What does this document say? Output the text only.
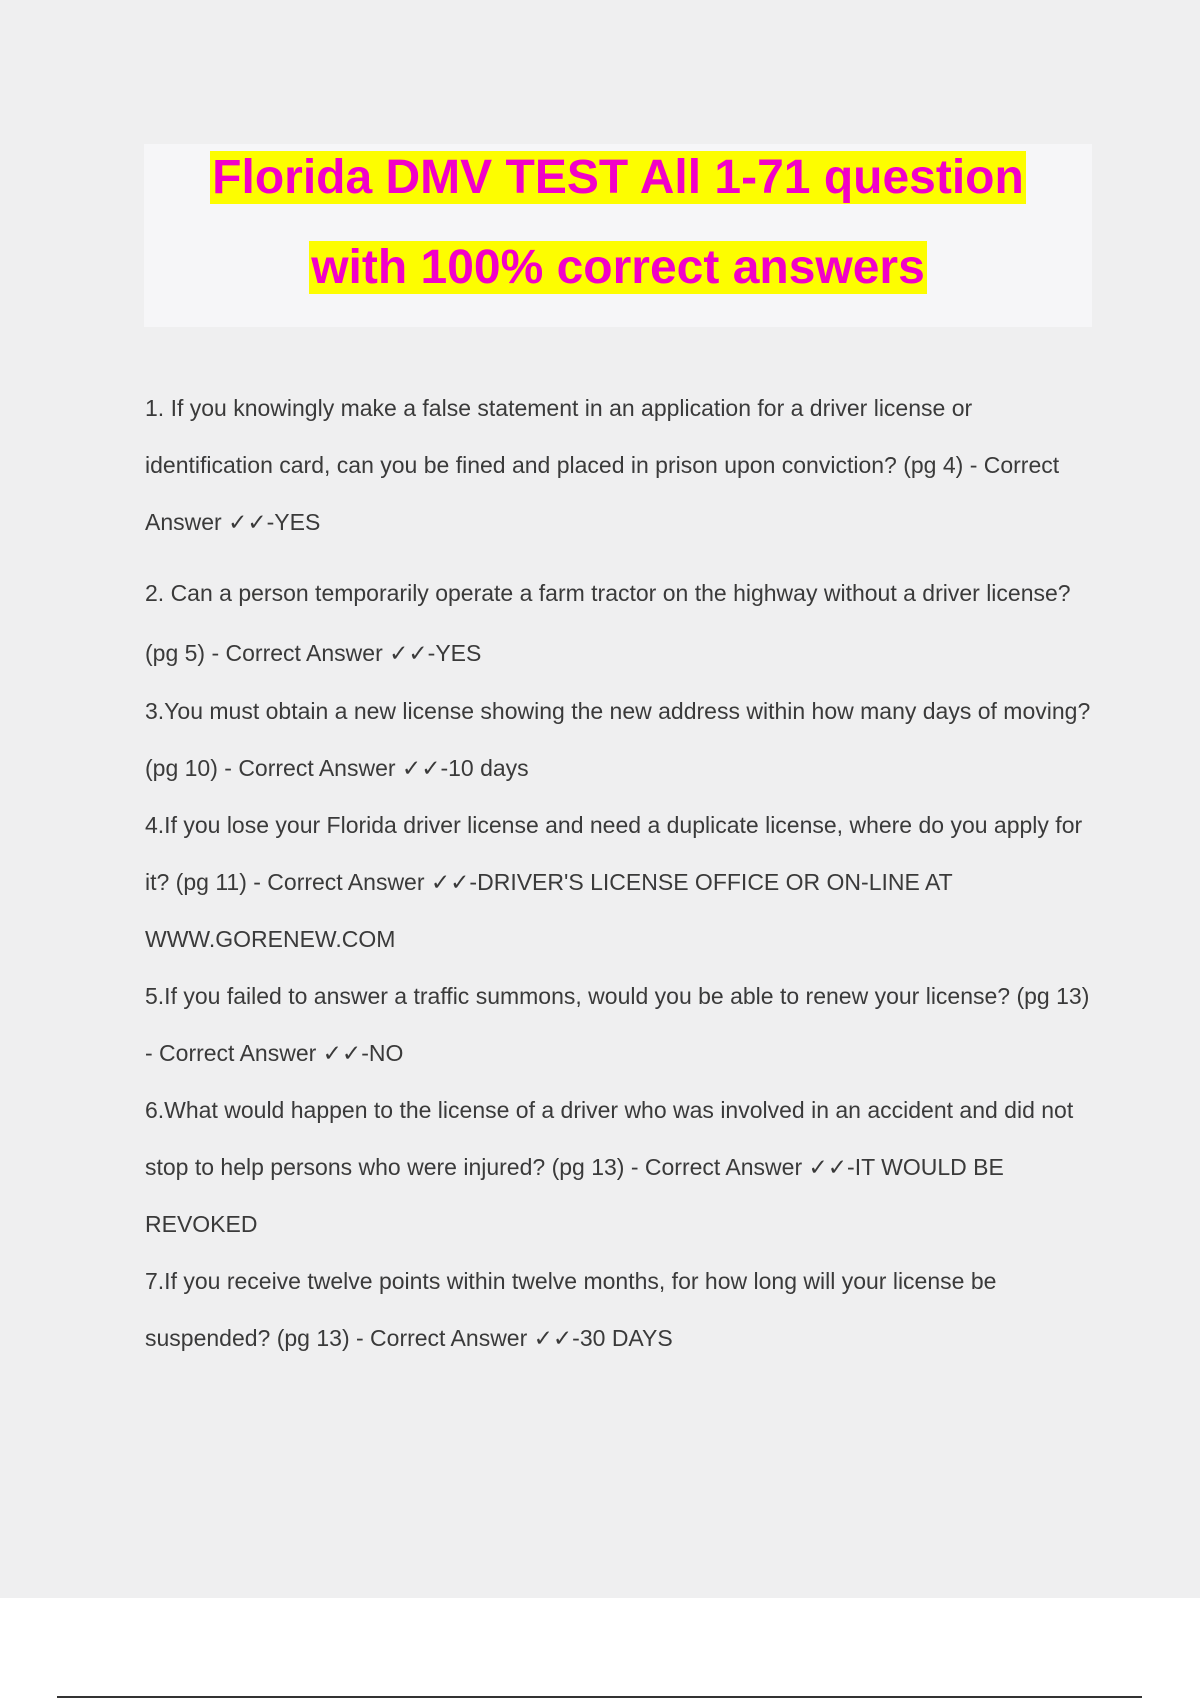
Florida DMV TEST All 1-71 question
with 100% correct answers

1. If you knowingly make a false statement in an application for a driver license or identification card, can you be fined and placed in prison upon conviction? (pg 4) - Correct Answer ✓✓-YES

2. Can a person temporarily operate a farm tractor on the highway without a driver license? (pg 5) - Correct Answer ✓✓-YES

3.You must obtain a new license showing the new address within how many days of moving? (pg 10) - Correct Answer ✓✓-10 days

4.If you lose your Florida driver license and need a duplicate license, where do you apply for it? (pg 11) - Correct Answer ✓✓-DRIVER'S LICENSE OFFICE OR ON-LINE AT WWW.GORENEW.COM

5.If you failed to answer a traffic summons, would you be able to renew your license? (pg 13) - Correct Answer ✓✓-NO

6.What would happen to the license of a driver who was involved in an accident and did not stop to help persons who were injured? (pg 13) - Correct Answer ✓✓-IT WOULD BE REVOKED

7.If you receive twelve points within twelve months, for how long will your license be suspended? (pg 13) - Correct Answer ✓✓-30 DAYS
